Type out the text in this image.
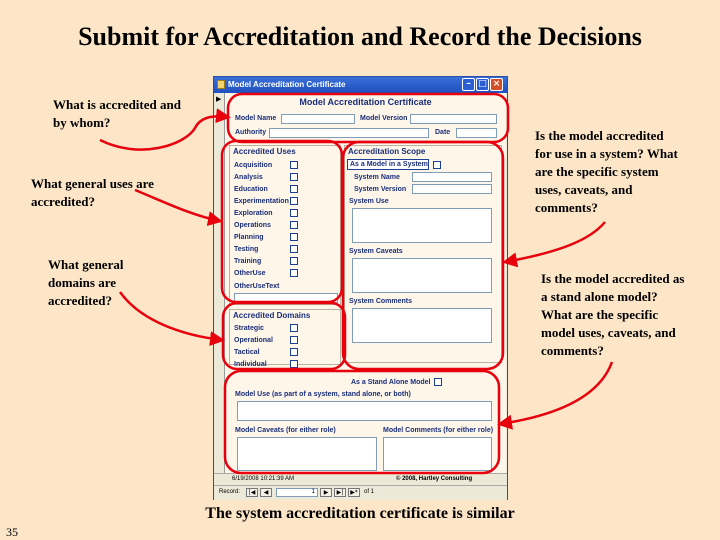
Submit for Accreditation and Record the Decisions
What is accredited and by whom?
What general uses are accredited?
What general domains are accredited?
Is the model accredited for use in a system? What are the specific system uses, caveats, and comments?
Is the model accredited as a stand alone model? What are the specific model uses, caveats, and comments?
Model Accreditation Certificate	– □ ×
▶	Model Accreditation Certificate
Model Name	Model Version
Authority	Date
Accredited Uses
Acquisition
Analysis
Education
Experimentation
Exploration
Operations
Planning
Testing
Training
OtherUse
OtherUseText
Accreditation Scope
As a Model in a System
System Name
System Version
System Use
System Caveats
System Comments
Accredited Domains
Strategic
Operational
Tactical
Individual
As a Stand Alone Model
Model Use (as part of a system, stand alone, or both)
Model Caveats (for either role)	Model Comments (for either role)
6/19/2008 10:21:39 AM	© 2008, Hartley Consulting
Record:	|◀	◀	1	▶	▶|	▶*	of 1
The system accreditation certificate is similar
35
